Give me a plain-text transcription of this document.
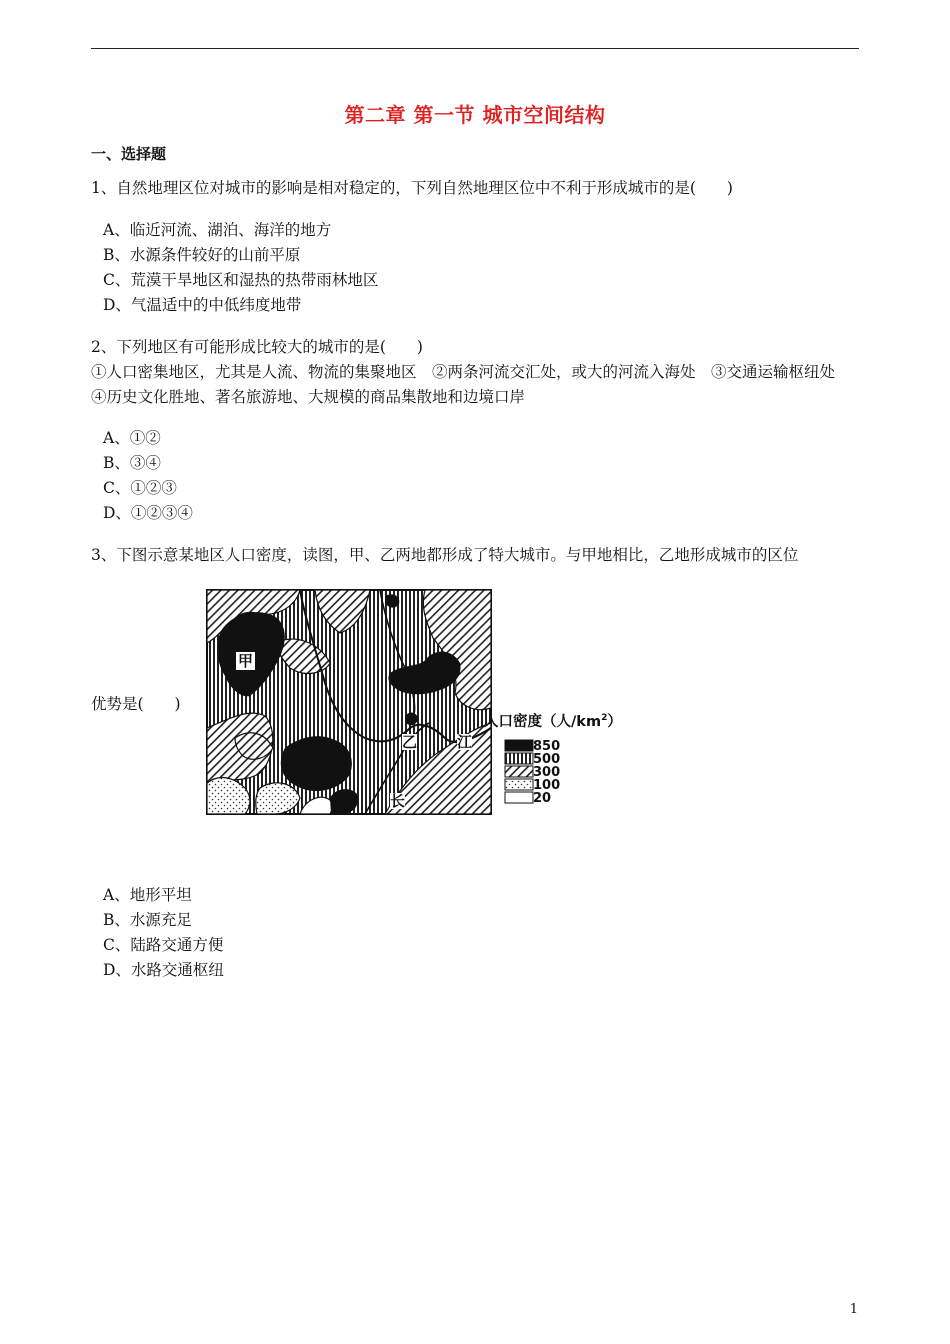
第二章 第一节 城市空间结构
一、选择题
1、自然地理区位对城市的影响是相对稳定的，下列自然地理区位中不利于形成城市的是(　　)
A、临近河流、湖泊、海洋的地方
B、水源条件较好的山前平原
C、荒漠干旱地区和湿热的热带雨林地区
D、气温适中的中低纬度地带
2、下列地区有可能形成比较大的城市的是(　　)
①人口密集地区，尤其是人流、物流的集聚地区　②两条河流交汇处，或大的河流入海处　③交通运输枢纽处　④历史文化胜地、著名旅游地、大规模的商品集散地和边境口岸
A、①②
B、③④
C、①②③
D、①②③④
3、下图示意某地区人口密度，读图，甲、乙两地都形成了特大城市。与甲地相比，乙地形成城市的区位
优势是(　　)
甲
乙	江
长
人口密度（人$/km^2$）
850
500
300
100
20
A、地形平坦
B、水源充足
C、陆路交通方便
D、水路交通枢纽
1
